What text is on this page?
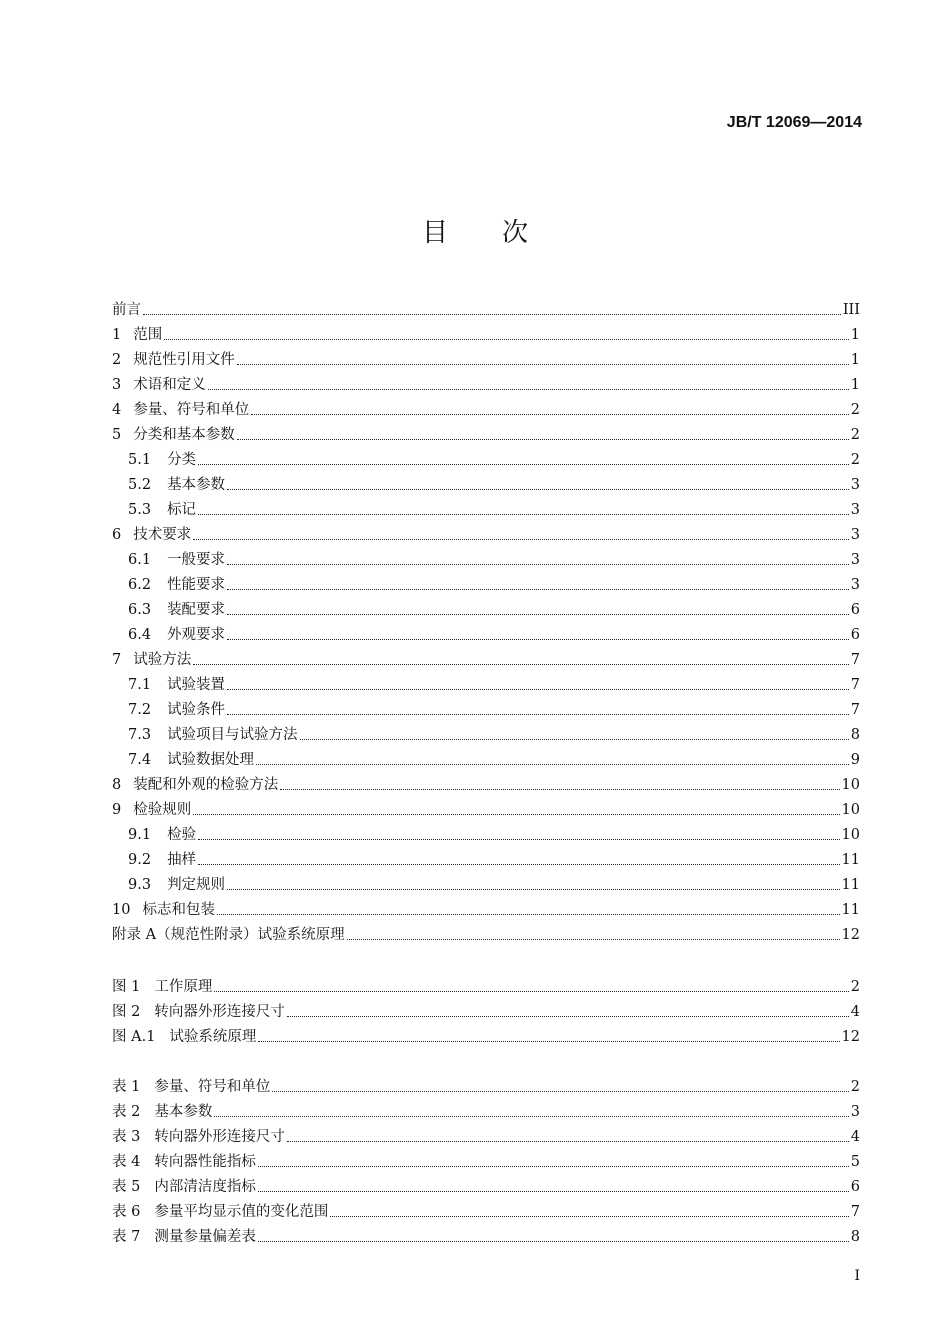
JB/T 12069—2014
目次
前言	III
1 范围	1
2 规范性引用文件	1
3 术语和定义	1
4 参量、符号和单位	2
5 分类和基本参数	2
5.1 分类	2
5.2 基本参数	3
5.3 标记	3
6 技术要求	3
6.1 一般要求	3
6.2 性能要求	3
6.3 装配要求	6
6.4 外观要求	6
7 试验方法	7
7.1 试验装置	7
7.2 试验条件	7
7.3 试验项目与试验方法	8
7.4 试验数据处理	9
8 装配和外观的检验方法	10
9 检验规则	10
9.1 检验	10
9.2 抽样	11
9.3 判定规则	11
10 标志和包装	11
附录 A（规范性附录）试验系统原理	12
图 1 工作原理	2
图 2 转向器外形连接尺寸	4
图 A.1 试验系统原理	12
表 1 参量、符号和单位	2
表 2 基本参数	3
表 3 转向器外形连接尺寸	4
表 4 转向器性能指标	5
表 5 内部清洁度指标	6
表 6 参量平均显示值的变化范围	7
表 7 测量参量偏差表	8
I
